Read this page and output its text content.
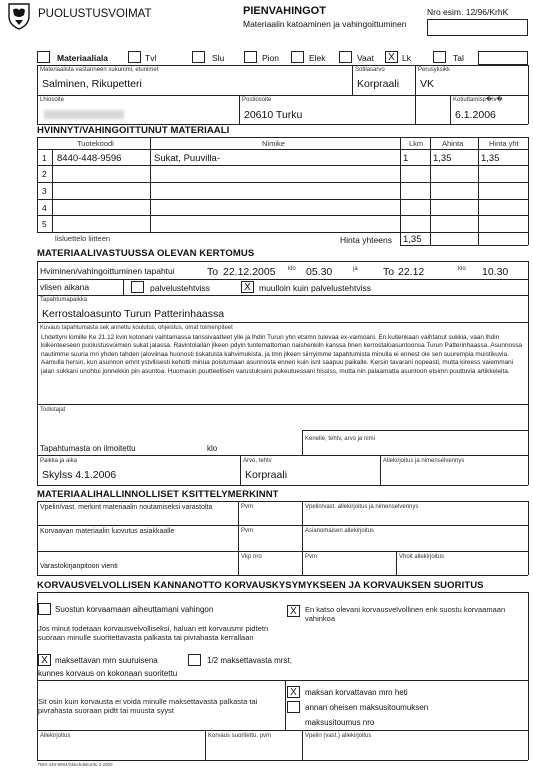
PUOLUSTUSVOIMAT	PIENVAHINGOT
Materiaalin katoaminen ja vahingoittuminen
Nro esim. 12/96/KrhK
Materiaaliala	Tvl	Slu	Pion	Elek	Vaat	X Lk	Tal
Materiaalista vastanneen sukunimi, etunimet
Salminen, Rikupetteri
Sotilasarvo
Korpraali
Perusyksikk
VK
Lhiosoite	Postiosoite
20610 Turku
Kotiuttamisp�iv�
6.1.2006
HVINNYT/VAHINGOITTUNUT MATERIAALI
Tuotekoodi	Nimike	Lkm	Ahinta	Hinta yht
1 8440-448-9596	Sukat, Puuvilla-	1	1,35	1,35
2
3
4
5
lisluettelo liitteen	Hinta yhteens 1,35
MATERIAALIVASTUUSSA OLEVAN KERTOMUS
Hviminen/vahingoittuminen tapahtui	To 22.12.2005 klo 05.30	ja To 22.12	klo 10.30
vlisen aikana	palvelustehtviss	X muulloin kuin palvelustehtviss
Tapahtumapaikka
Kerrostaloasunto Turun Patterinhaassa
Kuvaus tapahtumasta sek annettu koulutus, ohjeistus, omat toimenpiteet
Lhdettyni lomille Ke 21.12 kvin kotonani vaihtamassa tanssivaatteet ylle ja lhdin Turun yhn etsimn tulevaa ex-vaimoani. En kuitenkaan vaihtanut sukkia, vaan lhdin kiikenteeseen puolustusvoimien sukat jalassa. Ravintolailan jlkeen pdyin tuntemattoman naishenkiln kanssa hnen kerrostaloasuntoonsa Turun Patterinhaassa. Asunnossa nautimme suuria mri yhden tahden jaloviinaa huonosti tiskatusta kahvimukista, ja tmn jlkeen siirryimme tapahtumista minulla ei ennest ole sen suurempia muistikuvia. Aamulla hersin, kun asunnon emnt ystvllisesti kehotti minua poistumaan asunnosta ennen kuin isnt saapuu paikalle. Kersin tavarani nopeasti, mutta kireess vaiemmani jalan sukkani unohtui jonnekkin pin asuntoa. Huomasin puutteellisen varustukseni pukeutuessani hississ, mutta nin palaamatta asuntoon etsimn puuttuvia artikkeleita.
Todistajat
Kenelle, tehtv, arvo ja nimi
Tapahtumasta on ilmoitettu	klo
Paikka ja aika
Skylss 4.1.2006
Arvo, tehtv
Korpraali
Allekirjoitus ja nimenselvennys
MATERIAALIHALLINNOLLISET KSITTELYMERKINNT
Vpelin/vast. merkint materiaalin noutamiseksi varastolta	Pvm	Vpelin/vast. allekirjoitus ja nimenselvennys
Korvaavan materiaalin luovutus asiakkaalle	Pvm	Asianomaisen allekirjoitus
Varastokirjanpitoon vienti
Vkp nro	Pvm	Vhoit allekirjoitus
KORVAUSVELVOLLISEN KANNANOTTO KORVAUSKYSYMYKSEEN JA KORVAUKSEN SUORITUS
Suostun korvaamaan aiheuttamani vahingon	X	En katso olevani korvausvelvollinen enk suostu korvaamaan vahinkoa
Jos minut todetaan korvausvelvolliseksi, haluan ett korvausmr pidtetn suoraan minulle suoritettavasta palkasta tai pivrahasta kerrallaan
X maksettavan mrn suuruisena	1/2 maksettavasta mrst,
kunnes korvaus on kokonaan suoritettu
Sit osin kuin korvausta ei voida minulle maksettavasta palkasta tai pivrahasta suoraan pidtt tai muusta syyst
X	maksan korvattavan mrn heti
annan oheisen maksusitoumuksen
maksusitoumus nro
Allekirjoitus	Korvaus suoritettu, pvm	Vpelin (vast.) allekirjoitus
7550-448-9994/Skkohdekorttu 3.2000
